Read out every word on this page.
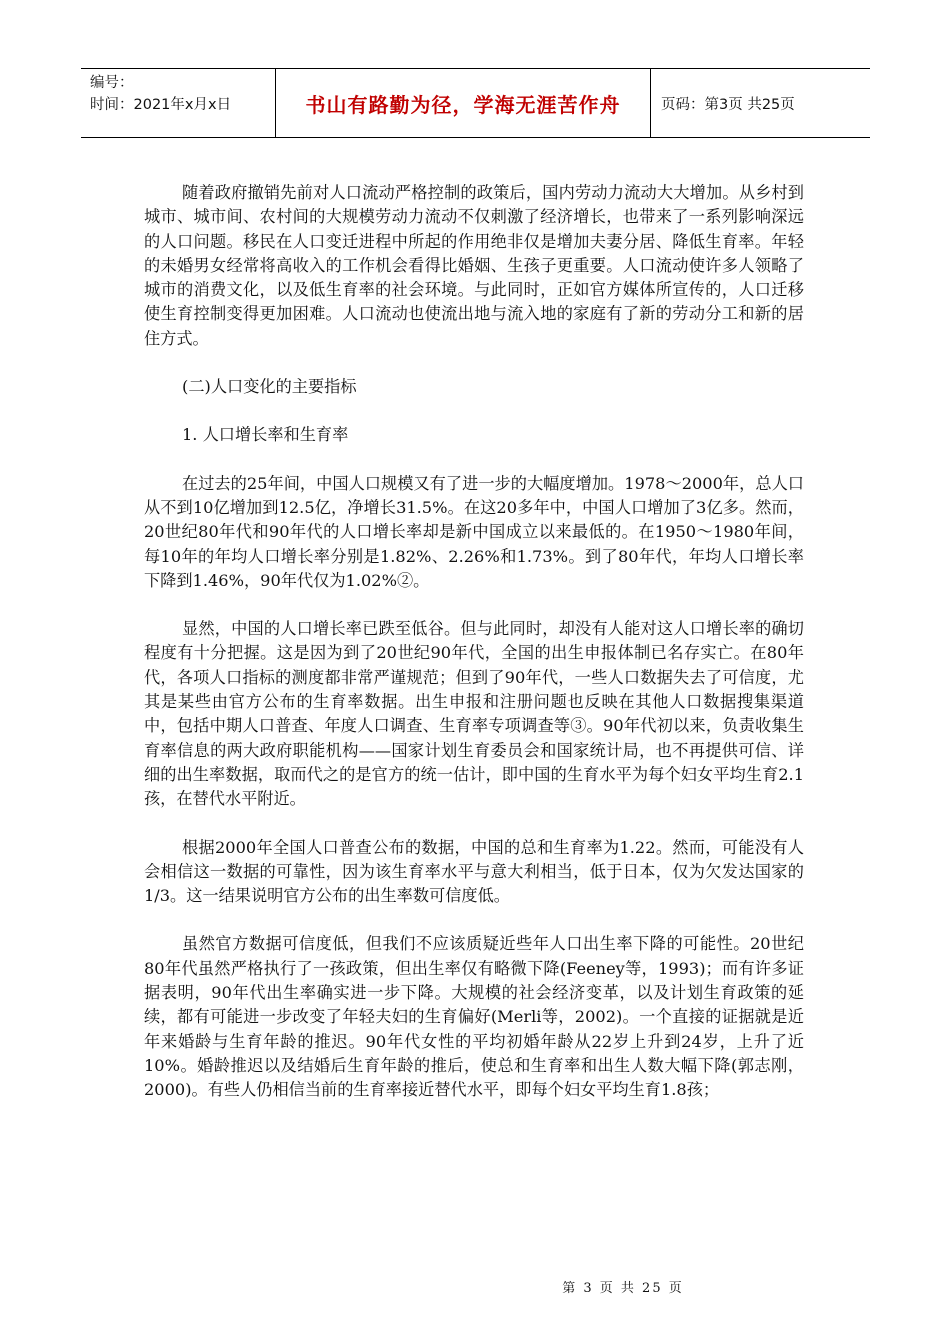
编号：
时间：2021年x月x日	书山有路勤为径，学海无涯苦作舟	页码：第3页 共25页

随着政府撤销先前对人口流动严格控制的政策后，国内劳动力流动大大增加。从乡村到城市、城市间、农村间的大规模劳动力流动不仅刺激了经济增长，也带来了一系列影响深远的人口问题。移民在人口变迁进程中所起的作用绝非仅是增加夫妻分居、降低生育率。年轻的未婚男女经常将高收入的工作机会看得比婚姻、生孩子更重要。人口流动使许多人领略了城市的消费文化，以及低生育率的社会环境。与此同时，正如官方媒体所宣传的，人口迁移使生育控制变得更加困难。人口流动也使流出地与流入地的家庭有了新的劳动分工和新的居住方式。

(二)人口变化的主要指标

1. 人口增长率和生育率

在过去的25年间，中国人口规模又有了进一步的大幅度增加。1978～2000年，总人口从不到10亿增加到12.5亿，净增长31.5%。在这20多年中，中国人口增加了3亿多。然而，20世纪80年代和90年代的人口增长率却是新中国成立以来最低的。在1950～1980年间，每10年的年均人口增长率分别是1.82%、2.26%和1.73%。到了80年代，年均人口增长率下降到1.46%，90年代仅为1.02%②。

显然，中国的人口增长率已跌至低谷。但与此同时，却没有人能对这人口增长率的确切程度有十分把握。这是因为到了20世纪90年代，全国的出生申报体制已名存实亡。在80年代，各项人口指标的测度都非常严谨规范；但到了90年代，一些人口数据失去了可信度，尤其是某些由官方公布的生育率数据。出生申报和注册问题也反映在其他人口数据搜集渠道中，包括中期人口普查、年度人口调查、生育率专项调查等③。90年代初以来，负责收集生育率信息的两大政府职能机构——国家计划生育委员会和国家统计局，也不再提供可信、详细的出生率数据，取而代之的是官方的统一估计，即中国的生育水平为每个妇女平均生育2.1孩，在替代水平附近。

根据2000年全国人口普查公布的数据，中国的总和生育率为1.22。然而，可能没有人会相信这一数据的可靠性，因为该生育率水平与意大利相当，低于日本，仅为欠发达国家的1/3。这一结果说明官方公布的出生率数可信度低。

虽然官方数据可信度低，但我们不应该质疑近些年人口出生率下降的可能性。20世纪80年代虽然严格执行了一孩政策，但出生率仅有略微下降(Feeney等，1993)；而有许多证据表明，90年代出生率确实进一步下降。大规模的社会经济变革，以及计划生育政策的延续，都有可能进一步改变了年轻夫妇的生育偏好(Merli等，2002)。一个直接的证据就是近年来婚龄与生育年龄的推迟。90年代女性的平均初婚年龄从22岁上升到24岁，上升了近10%。婚龄推迟以及结婚后生育年龄的推后，使总和生育率和出生人数大幅下降(郭志刚，2000)。有些人仍相信当前的生育率接近替代水平，即每个妇女平均生育1.8孩；

第 3 页 共 25 页
